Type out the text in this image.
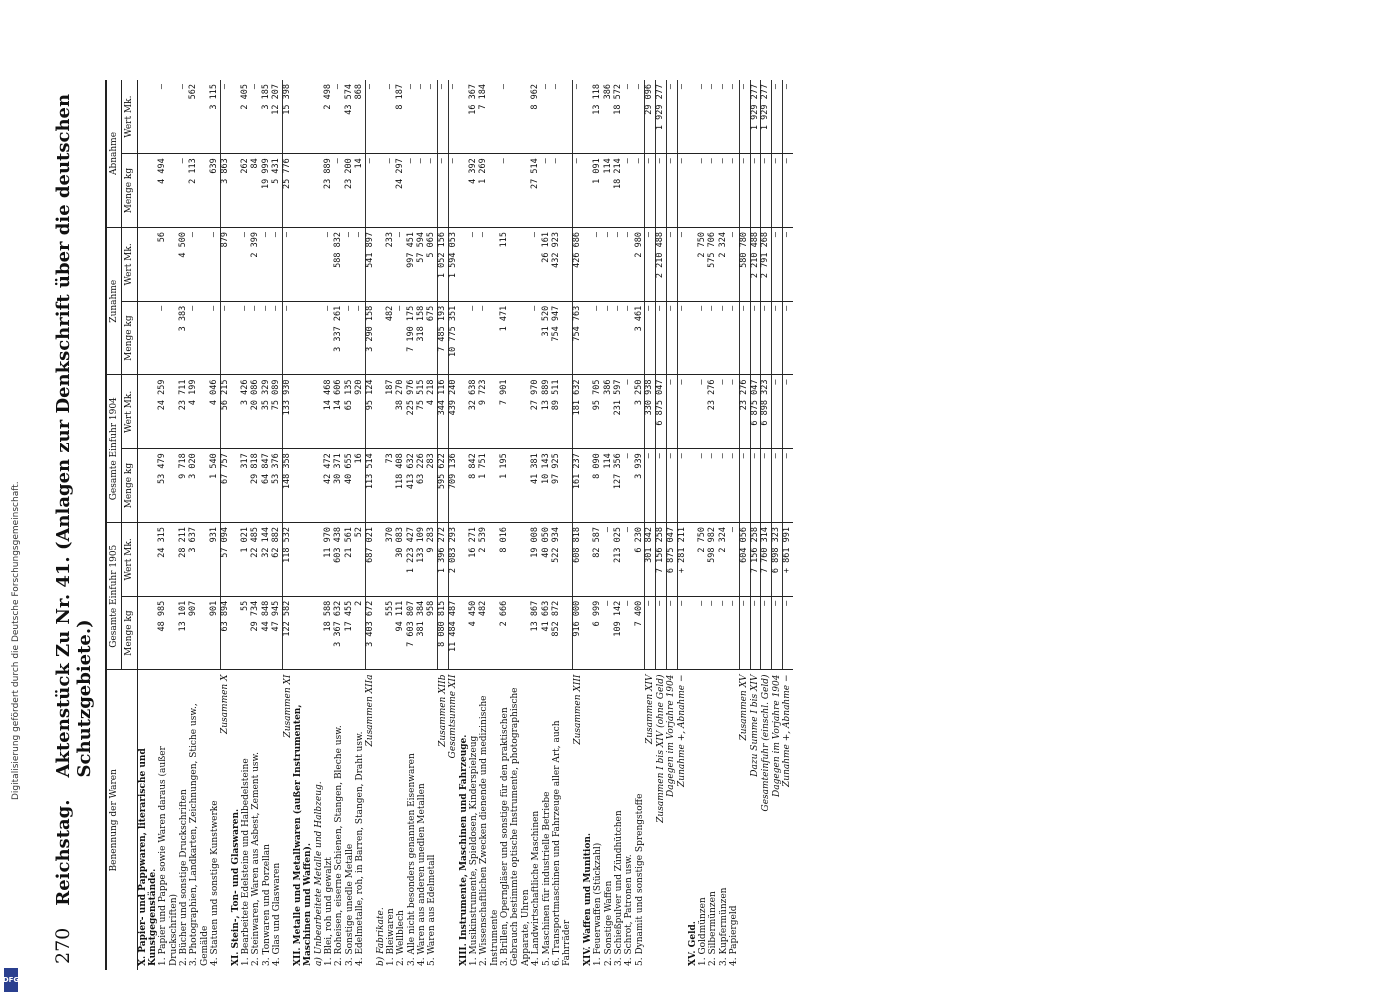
Digitalisierung gefördert durch die Deutsche Forschungsgemeinschaft.
DFG
270
Reichstag.
Aktenstück Zu Nr. 41. (Anlagen zur Denkschrift über die deutschen Schutzgebiete.)
Benennung der Waren	Gesamte Einfuhr 1905		Gesamte Einfuhr 1904		Zunahme		Abnahme	
	Menge kg	Wert Mk.	Menge kg	Wert Mk.	Menge kg	Wert Mk.	Menge kg	Wert Mk.
X. Papier- und Pappwaren, literarische und Kunstgegenstände.								
1. Papier und Pappe sowie Waren daraus (außer Druckschriften)	48 985	24 315	53 479	24 259	—	56	4 494	—
2. Bücher und sonstige Druckschriften	13 101	28 211	9 718	23 711	3 383	4 500	—	—
3. Photographien, Landkarten, Zeichnungen, Stiche usw., Gemälde	907	3 637	3 020	4 199	—	—	2 113	562
4. Statuen und sonstige Kunstwerke	901	931	1 540	4 046	—	—	639	3 115
Zusammen X	63 894	57 094	67 757	56 215	—	879	3 863	—
XI. Stein-, Ton- und Glaswaren.								
1. Bearbeitete Edelsteine und Halbedelsteine	55	1 021	317	3 426	—	—	262	2 405
2. Steinwaren, Waren aus Asbest, Zement usw.	29 734	22 485	29 818	20 086	—	2 399	84	—
3. Tonwaren und Porzellan	44 848	32 144	64 847	35 329	—	—	19 999	3 185
4. Glas und Glaswaren	47 945	62 882	53 376	75 089	—	—	5 431	12 207
Zusammen XI	122 582	118 532	148 358	133 930	—	—	25 776	15 398
XII. Metalle und Metallwaren (außer Instrumenten, Maschinen und Waffen).								
a) Unbearbeitete Metalle und Halbzeug.								
1. Blei, roh und gewalzt	18 588	11 970	42 472	14 468	—	—	23 889	2 498
2. Roheisen, eiserne Schienen, Stangen, Bleche usw.	3 367 632	603 438	30 371	14 606	3 337 261	588 832	—	—
3. Sonstige unedle Metalle	17 455	21 561	40 655	65 135	—	—	23 200	43 574
4. Edelmetalle, roh, in Barren, Stangen, Draht usw.	2	52	16	920	—	—	14	868
Zusammen XIIa	3 403 672	687 021	113 514	95 124	3 290 158	541 897	—	—
b) Fabrikate.								
1. Bleiwaren	555	370	73	187	482	233	—	—
2. Wellblech	94 111	30 083	118 408	38 270	—	—	24 297	8 187
3. Alle nicht besonders genannten Eisenwaren	7 603 807	1 223 427	413 632	225 976	7 190 175	997 451	—	—
4. Waren aus anderen unedlen Metallen	381 384	133 109	63 226	75 515	318 158	57 594	—	—
5. Waren aus Edelmetall	958	9 283	283	4 218	675	5 065	—	—
Zusammen XIIb	8 080 815	1 396 272	595 622	344 116	7 485 193	1 052 156	—	—
Gesamtsumme XII	11 484 487	2 083 293	709 136	439 240	10 775 351	1 594 053	—	—
XIII. Instrumente, Maschinen und Fahrzeuge.								
1. Musikinstrumente, Spieldosen, Kinderspielzeug	4 450	16 271	8 842	32 638	—	—	4 392	16 367
2. Wissenschaftlichen Zwecken dienende und medizinische Instrumente	482	2 539	1 751	9 723	—	—	1 269	7 184
3. Brillen, Operngläser und sonstige für den praktischen Gebrauch bestimmte optische Instrumente, photographische Apparate, Uhren	2 666	8 016	1 195	7 901	1 471	115	—	—
4. Landwirtschaftliche Maschinen	13 867	19 008	41 381	27 970	—	—	27 514	8 962
5. Maschinen für industrielle Betriebe	41 663	40 050	10 143	13 889	31 520	26 161	—	—
6. Transportmaschinen und Fahrzeuge aller Art, auch Fahrräder	852 872	522 934	97 925	89 511	754 947	432 923	—	—
Zusammen XIII	916 000	608 818	161 237	181 632	754 763	426 686	—	—
XIV. Waffen und Munition.								
1. Feuerwaffen (Stückzahl)	6 999	82 587	8 090	95 705	—	—	1 091	13 118
2. Sonstige Waffen	—	—	114	386	—	—	114	386
3. Schießpulver und Zündhütchen	109 142	213 025	127 356	231 597	—	—	18 214	18 572
4. Schrot, Patronen usw.	—	—	—	—	—	—	—	—
5. Dynamit und sonstige Sprengstoffe	7 400	6 230	3 939	3 250	3 461	2 980	—	—
Zusammen XIV	—	301 842	—	330 938	—	—	—	29 096
Zusammen I bis XIV (ohne Geld)	—	7 156 258	—	6 875 047	—	2 210 488	—	1 929 277
Dagegen im Vorjahre 1904	—	6 875 047	—	—	—	—	—	—
Zunahme +, Abnahme −	—	+ 281 211	—	—	—	—	—	—
XV. Geld.								
1. Goldmünzen	—	2 750	—	—	—	2 750	—	—
2. Silbermünzen	—	598 982	—	23 276	—	575 706	—	—
3. Kupfermünzen	—	2 324	—	—	—	2 324	—	—
4. Papiergeld	—	—	—	—	—	—	—	—
Zusammen XV	—	604 056	—	23 276	—	580 780	—	—
Dazu Summe I bis XIV	—	7 156 258	—	6 875 047	—	2 210 488	—	1 929 277
Gesamteinfuhr (einschl. Geld)	—	7 760 314	—	6 898 323	—	2 791 268	—	1 929 277
Dagegen im Vorjahre 1904	—	6 898 323	—	—	—	—	—	—
Zunahme +, Abnahme −	—	+ 861 991	—	—	—	—	—	—
